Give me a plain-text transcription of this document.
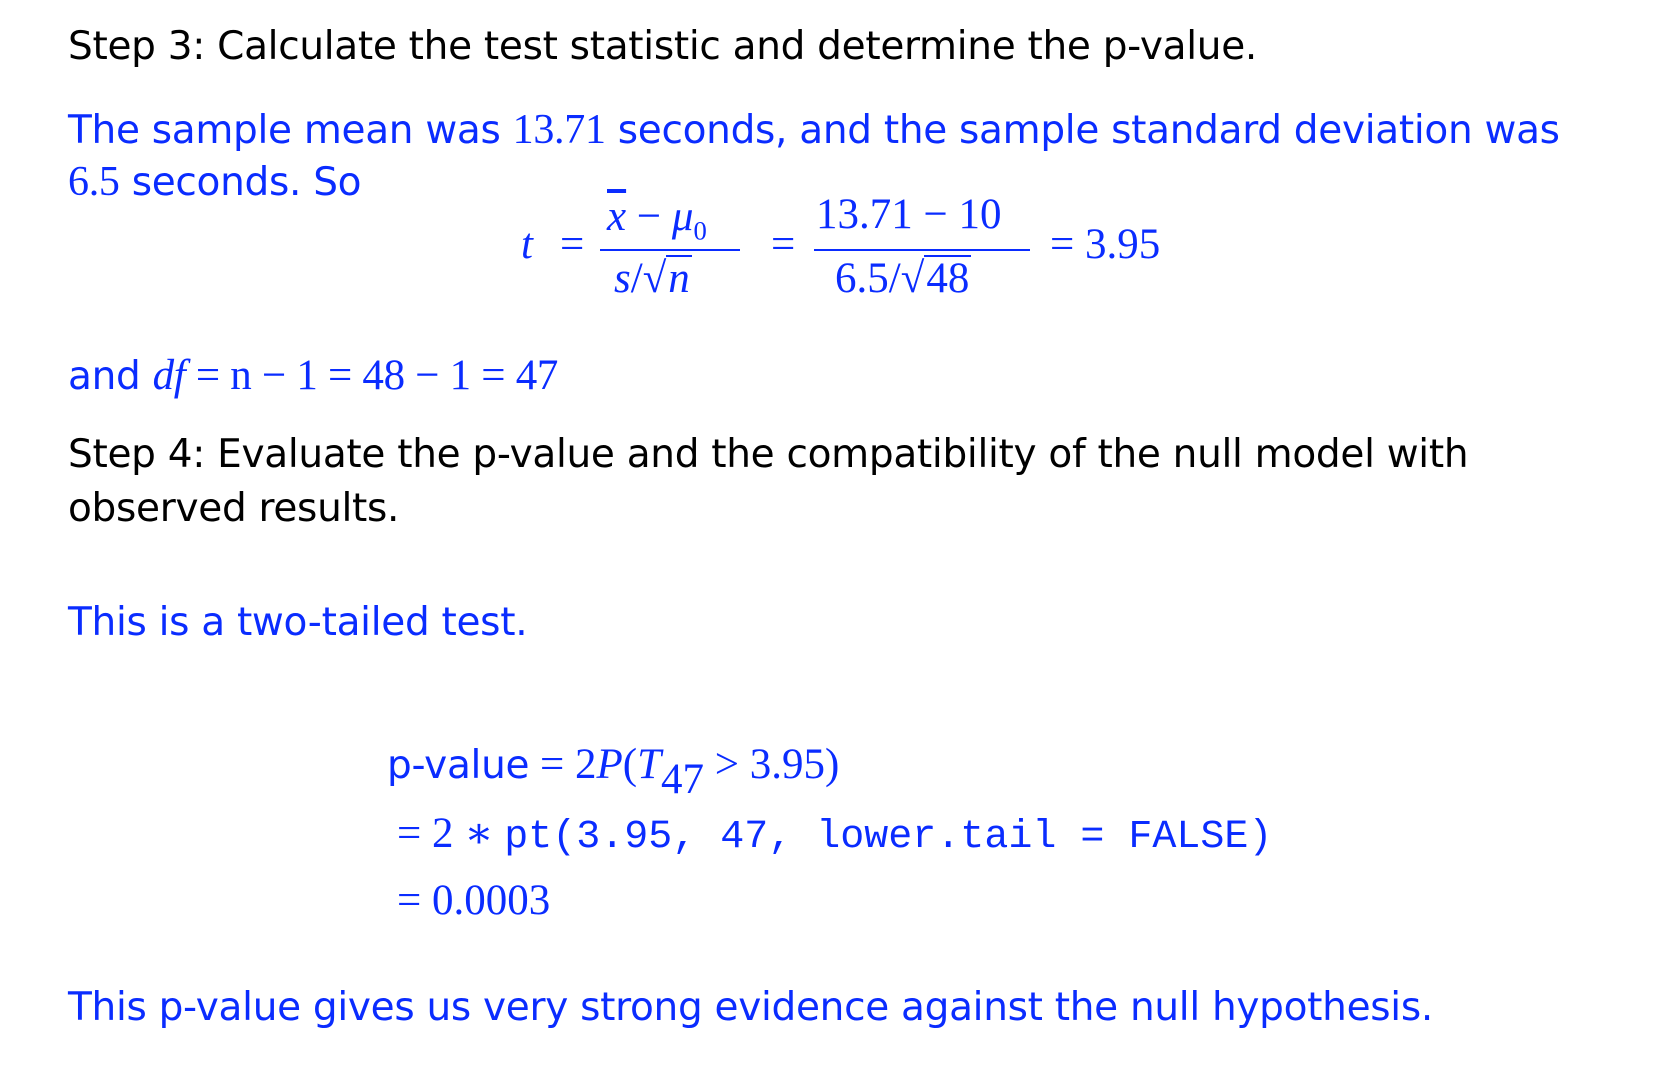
Step 3: Calculate the test statistic and determine the p-value.
The sample mean was 13.71 seconds, and the sample standard deviation was
6.5 seconds. So
t =
$\overline{x} - \mu_0$
s/√n
=
13.71 − 10
6.5/√48
= 3.95
and df = n − 1 = 48 − 1 = 47
Step 4: Evaluate the p-value and the compatibility of the null model with
observed results.
This is a two-tailed test.
p-value = $2P(T_{47} > 3.95)$
= 2 ∗ pt(3.95, 47, lower.tail = FALSE)
= 0.0003
This p-value gives us very strong evidence against the null hypothesis.
